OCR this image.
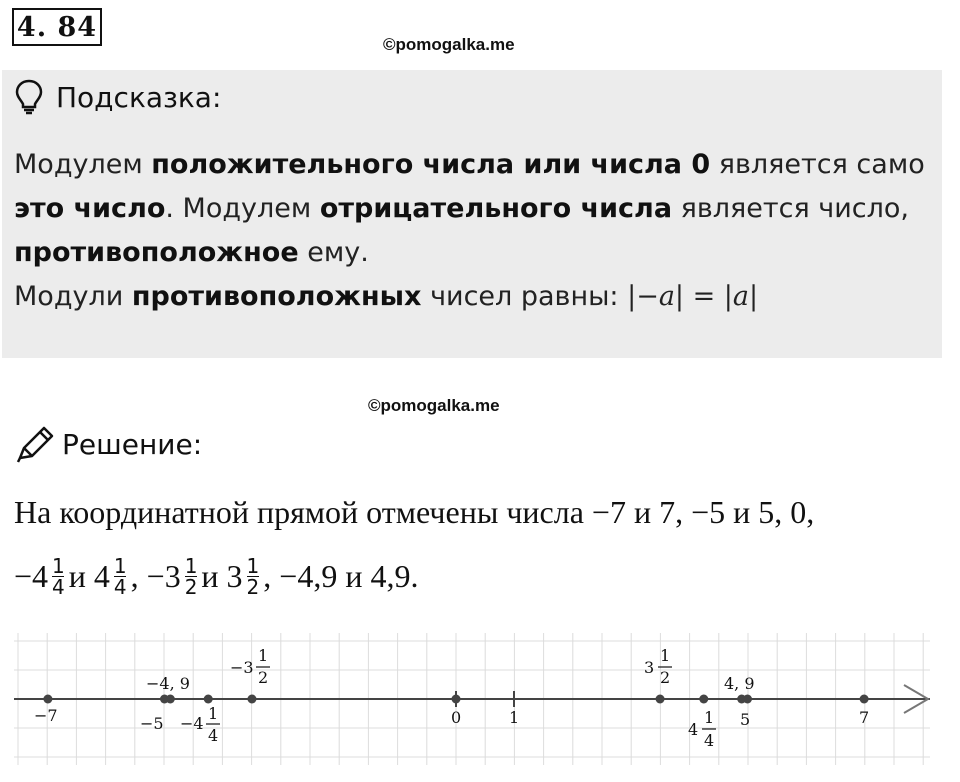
4. 84
©pomogalka.me
Подсказка:
Модулем положительного числа или числа 0 является само это число. Модулем отрицательного числа является число,
противоположное ему.
Модули противоположных чисел равны: |−a| = |a|
©pomogalka.me
Решение:
На координатной прямой отмечены числа −7 и 7, −5 и 5, 0,
$-4 \frac{1}{4}$ и $4 \frac{1}{4}$ , $-3 \frac{1}{2}$ и $3 \frac{1}{2}$ , −4,9 и 4,9.
−7	−5
−4, 9
−4
1
4
−3
1
2
0	1
3
1
2
4
1
4
4, 9
5	7
